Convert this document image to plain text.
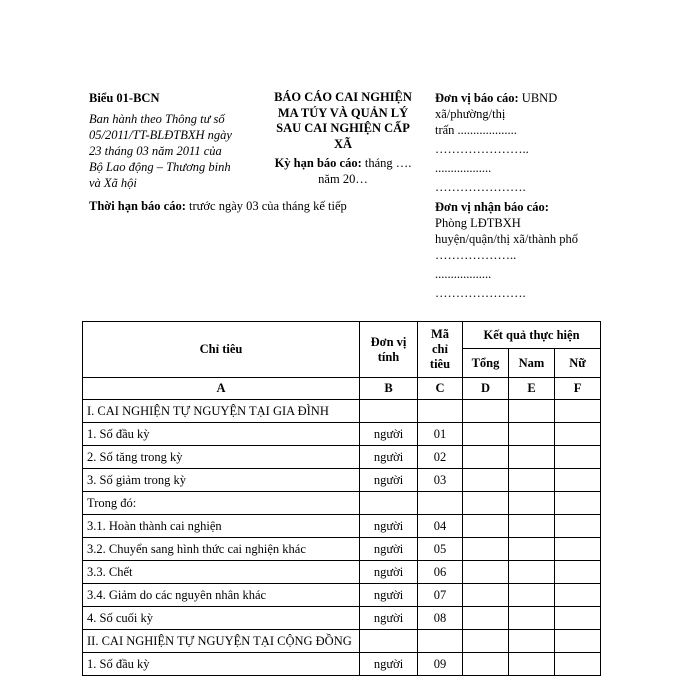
Biểu 01-BCN
Ban hành theo Thông tư số
05/2011/TT-BLĐTBXH ngày
23 tháng 03 năm 2011 của
Bộ Lao động – Thương binh
và Xã hội
BÁO CÁO CAI NGHIỆN
MA TÚY VÀ QUẢN LÝ
SAU CAI NGHIỆN CẤP
XÃ
Kỳ hạn báo cáo: tháng ….
năm 20…
Đơn vị báo cáo: UBND
xã/phường/thị
trấn ...................
…………………..
..................
………………….
Thời hạn báo cáo: trước ngày 03 của tháng kế tiếp	Đơn vị nhận báo cáo:
Phòng LĐTBXH
huyện/quận/thị xã/thành phố
………………..
..................
………………….
Chỉ tiêu	Đơn vị tính	Mã chỉ tiêu	Kết quả thực hiện		
			Tổng	Nam	Nữ
A	B	C	D	E	F
I. CAI NGHIỆN TỰ NGUYỆN TẠI GIA ĐÌNH					
1. Số đầu kỳ	người	01			
2. Số tăng trong kỳ	người	02			
3. Số giảm trong kỳ	người	03			
Trong đó:					
3.1. Hoàn thành cai nghiện	người	04			
3.2. Chuyển sang hình thức cai nghiện khác	người	05			
3.3. Chết	người	06			
3.4. Giảm do các nguyên nhân khác	người	07			
4. Số cuối kỳ	người	08			
II. CAI NGHIỆN TỰ NGUYỆN TẠI CỘNG ĐỒNG					
1. Số đầu kỳ	người	09			
